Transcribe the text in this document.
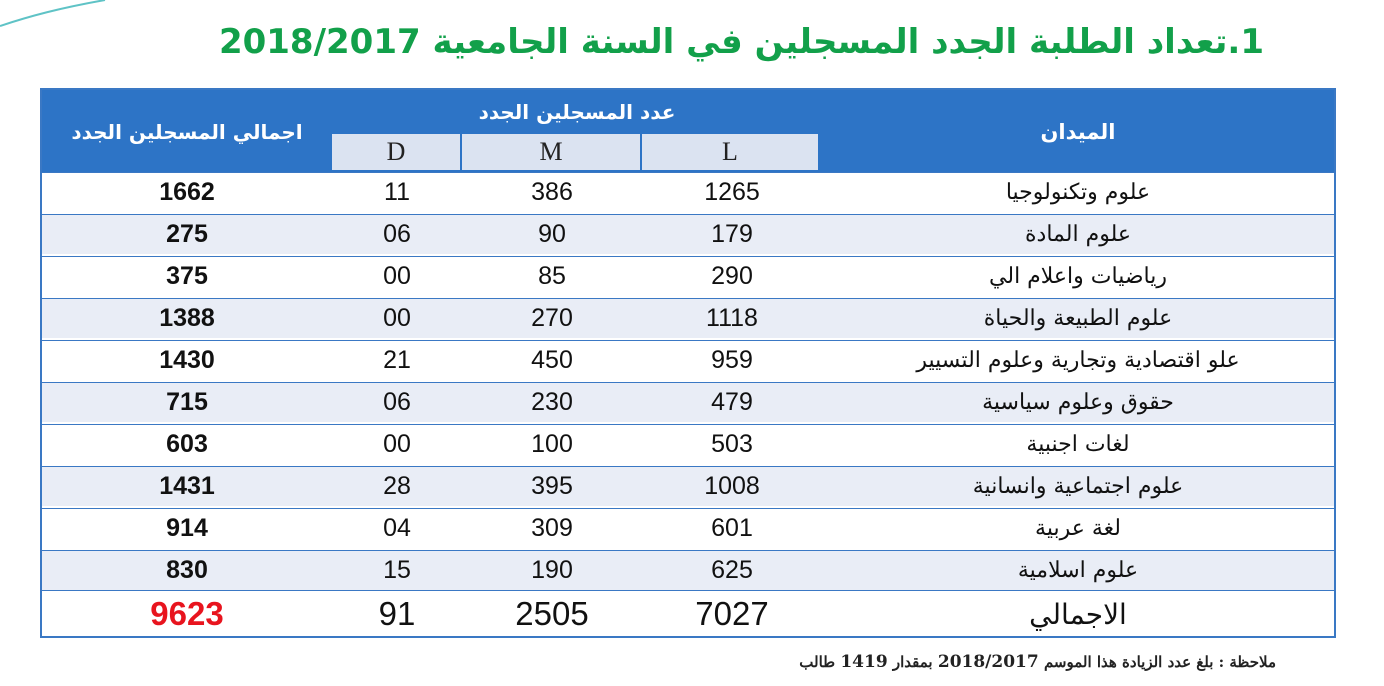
1.تعداد الطلبة الجدد المسجلين في السنة الجامعية 2018/2017
اجمالي المسجلين الجدد
عدد المسجلين الجدد
الميدان
D	M	L
1662	11	386	1265	علوم وتكنولوجيا
275	06	90	179	علوم المادة
375	00	85	290	رياضيات واعلام الي
1388	00	270	1118	علوم الطبيعة والحياة
1430	21	450	959	علو اقتصادية وتجارية وعلوم التسيير
715	06	230	479	حقوق وعلوم سياسية
603	00	100	503	لغات اجنبية
1431	28	395	1008	علوم اجتماعية وانسانية
914	04	309	601	لغة عربية
830	15	190	625	علوم اسلامية
9623	91	2505	7027	الاجمالي
ملاحظة : بلغ عدد الزيادة هذا الموسم 2018/2017 بمقدار 1419 طالب
